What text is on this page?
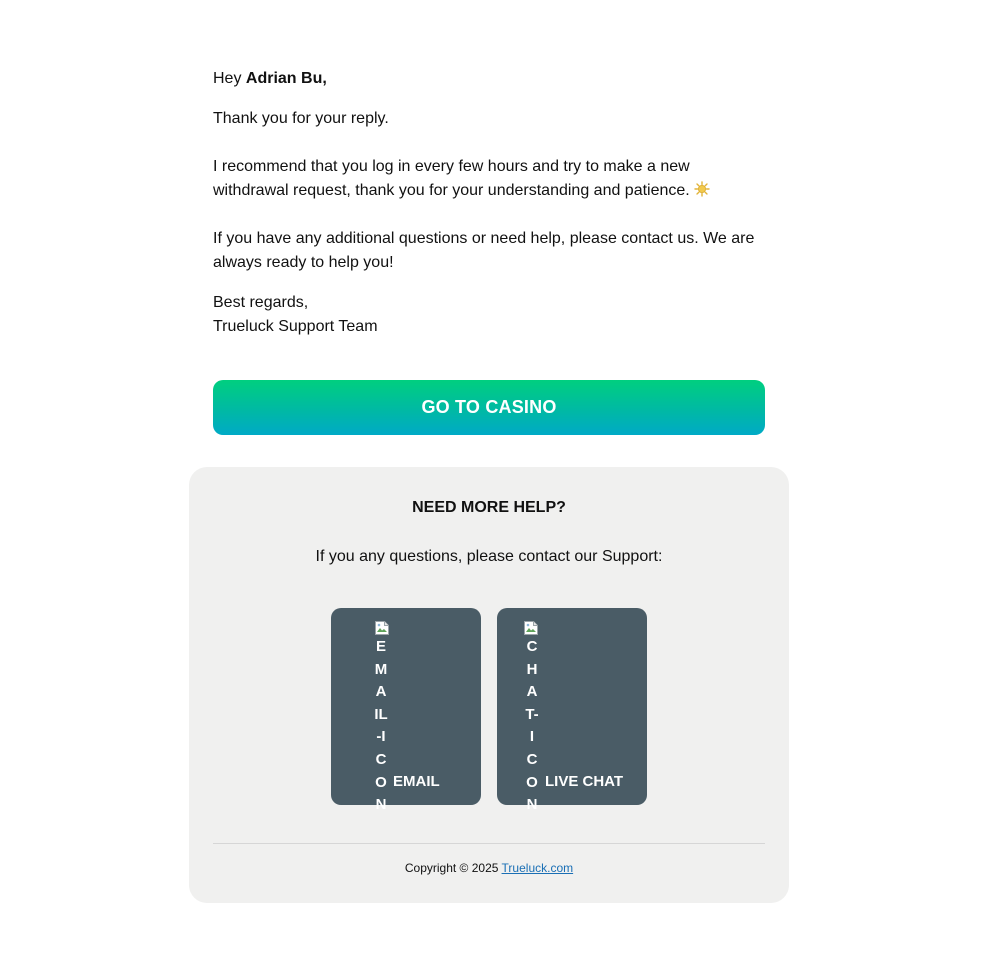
Hey Adrian Bu,

Thank you for your reply.

I recommend that you log in every few hours and try to make a new withdrawal request, thank you for your understanding and patience.

If you have any additional questions or need help, please contact us. We are always ready to help you!

Best regards,
Trueluck Support Team

GO TO CASINO
NEED MORE HELP?
If you any questions, please contact our Support:
EMAIL-ICON
EMAIL
CHAT-ICON
LIVE CHAT
Copyright © 2025 Trueluck.com
